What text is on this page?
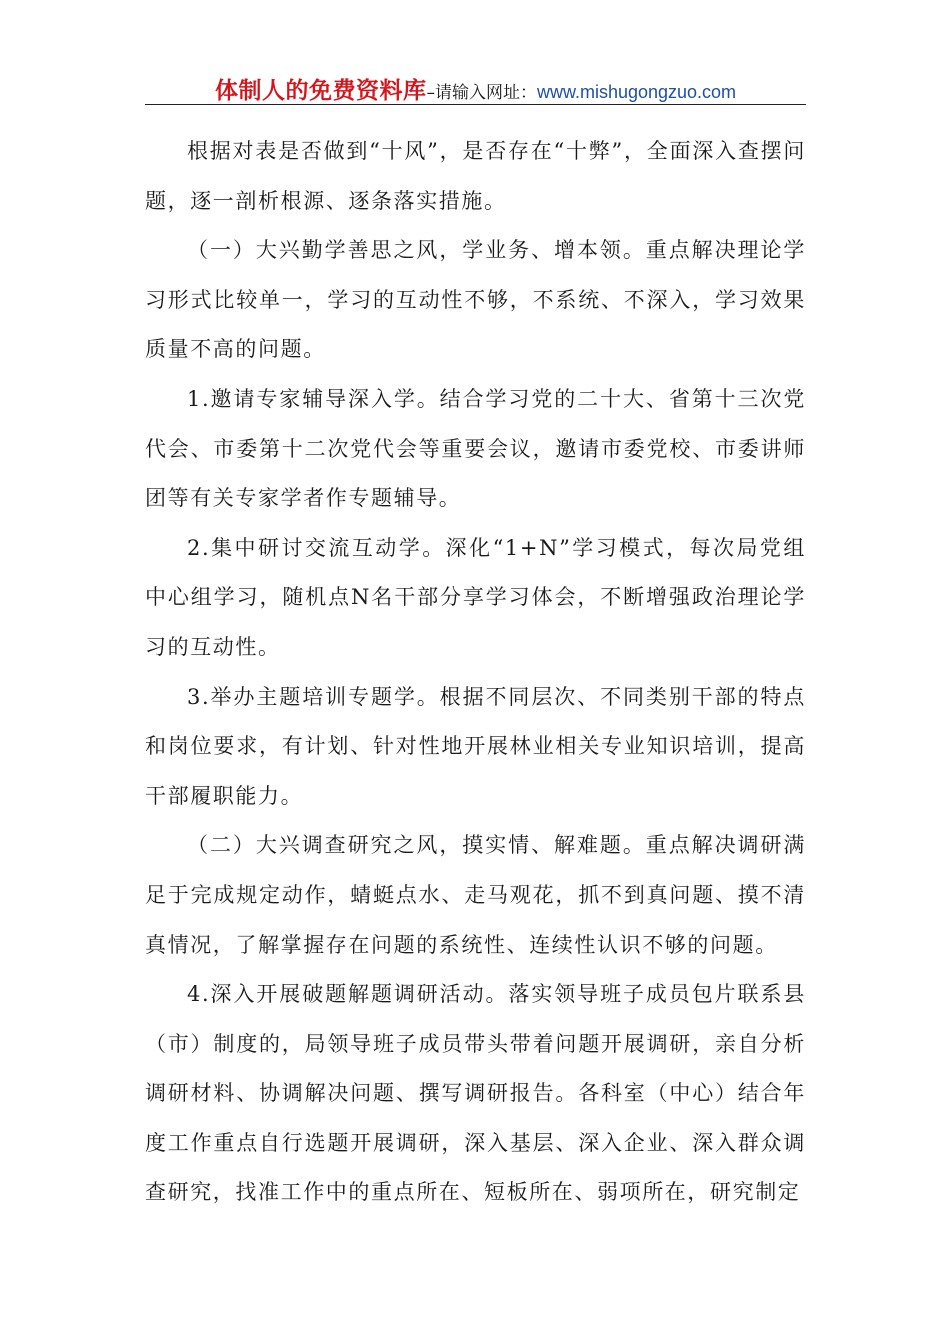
体制人的免费资料库–请输入网址：www.mishugongzuo.com

根据对表是否做到“十风”，是否存在“十弊”，全面深入查摆问题，逐一剖析根源、逐条落实措施。

（一）大兴勤学善思之风，学业务、增本领。重点解决理论学习形式比较单一，学习的互动性不够，不系统、不深入，学习效果质量不高的问题。

1.邀请专家辅导深入学。结合学习党的二十大、省第十三次党代会、市委第十二次党代会等重要会议，邀请市委党校、市委讲师团等有关专家学者作专题辅导。

2.集中研讨交流互动学。深化“1+N”学习模式，每次局党组中心组学习，随机点N名干部分享学习体会，不断增强政治理论学习的互动性。

3.举办主题培训专题学。根据不同层次、不同类别干部的特点和岗位要求，有计划、针对性地开展林业相关专业知识培训，提高干部履职能力。

（二）大兴调查研究之风，摸实情、解难题。重点解决调研满足于完成规定动作，蜻蜓点水、走马观花，抓不到真问题、摸不清真情况，了解掌握存在问题的系统性、连续性认识不够的问题。

4.深入开展破题解题调研活动。落实领导班子成员包片联系县（市）制度的，局领导班子成员带头带着问题开展调研，亲自分析调研材料、协调解决问题、撰写调研报告。各科室（中心）结合年度工作重点自行选题开展调研，深入基层、深入企业、深入群众调查研究，找准工作中的重点所在、短板所在、弱项所在，研究制定
